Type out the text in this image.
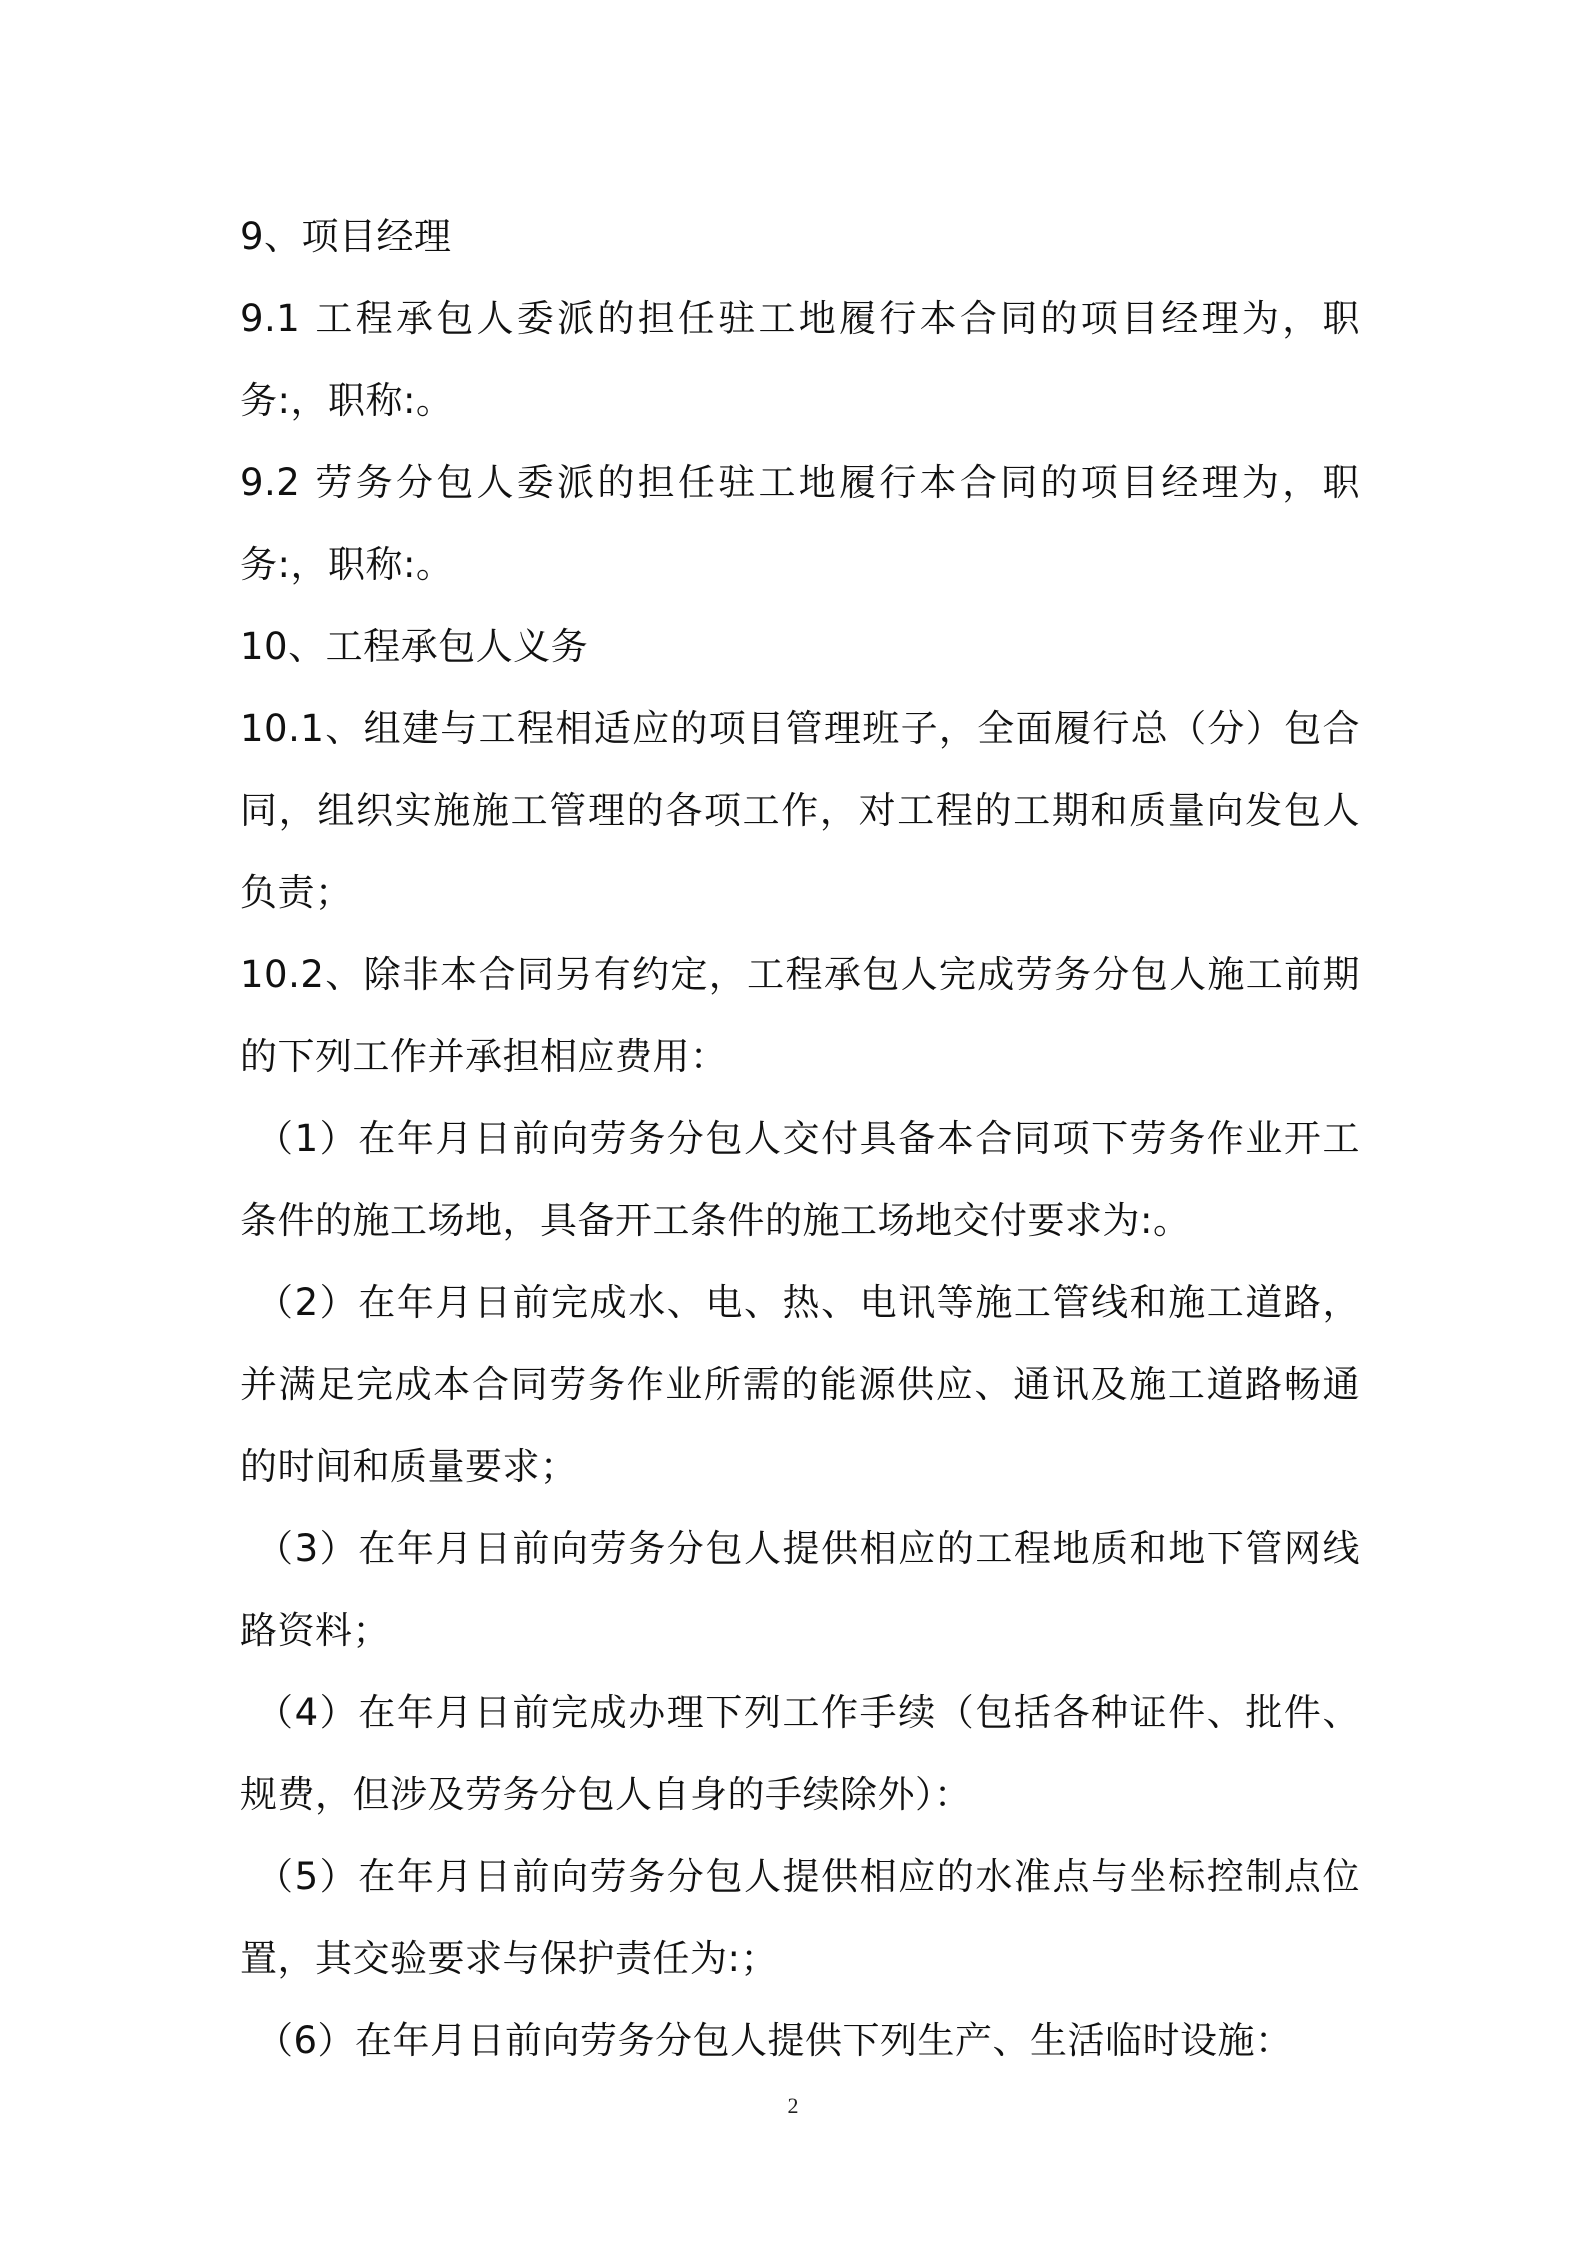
9、项目经理

9.1 工程承包人委派的担任驻工地履行本合同的项目经理为，职务:，职称:。

9.2 劳务分包人委派的担任驻工地履行本合同的项目经理为，职务:，职称:。

10、工程承包人义务

10.1、组建与工程相适应的项目管理班子，全面履行总（分）包合同，组织实施施工管理的各项工作，对工程的工期和质量向发包人负责；

10.2、除非本合同另有约定，工程承包人完成劳务分包人施工前期的下列工作并承担相应费用：

（1）在年月日前向劳务分包人交付具备本合同项下劳务作业开工条件的施工场地，具备开工条件的施工场地交付要求为:。

（2）在年月日前完成水、电、热、电讯等施工管线和施工道路，并满足完成本合同劳务作业所需的能源供应、通讯及施工道路畅通的时间和质量要求；

（3）在年月日前向劳务分包人提供相应的工程地质和地下管网线路资料；

（4）在年月日前完成办理下列工作手续（包括各种证件、批件、规费，但涉及劳务分包人自身的手续除外）：

（5）在年月日前向劳务分包人提供相应的水准点与坐标控制点位置，其交验要求与保护责任为:；

（6）在年月日前向劳务分包人提供下列生产、生活临时设施：

2
